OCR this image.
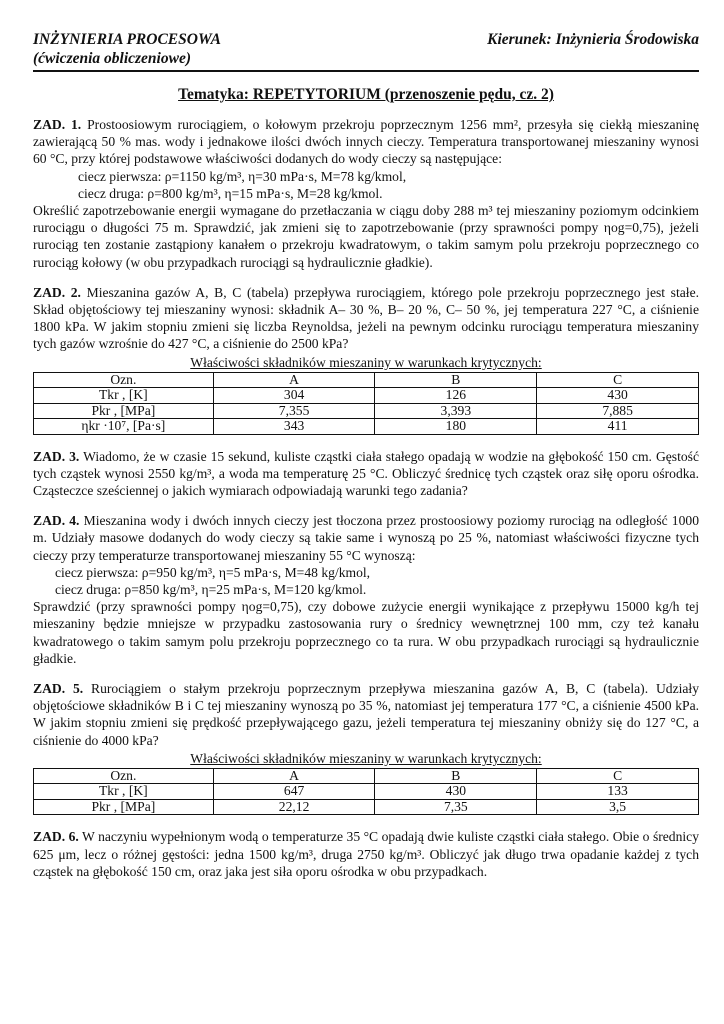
INŻYNIERIA PROCESOWA	Kierunek: Inżynieria Środowiska
(ćwiczenia obliczeniowe)
Tematyka: REPETYTORIUM (przenoszenie pędu, cz. 2)

ZAD. 1. Prostoosiowym rurociągiem, o kołowym przekroju poprzecznym 1256 mm², przesyła się ciekłą mieszaninę zawierającą 50 % mas. wody i jednakowe ilości dwóch innych cieczy. Temperatura transportowanej mieszaniny wynosi 60 °C, przy której podstawowe właściwości dodanych do wody cieczy są następujące:

ciecz pierwsza: ρ=1150 kg/m³, η=30 mPa·s, M=78 kg/kmol,

ciecz druga: ρ=800 kg/m³, η=15 mPa·s, M=28 kg/kmol.

Określić zapotrzebowanie energii wymagane do przetłaczania w ciągu doby 288 m³ tej mieszaniny poziomym odcinkiem rurociągu o długości 75 m. Sprawdzić, jak zmieni się to zapotrzebowanie (przy sprawności pompy ηog=0,75), jeżeli rurociąg ten zostanie zastąpiony kanałem o przekroju kwadratowym, o takim samym polu przekroju poprzecznego co rurociąg kołowy (w obu przypadkach rurociągi są hydraulicznie gładkie).

ZAD. 2. Mieszanina gazów A, B, C (tabela) przepływa rurociągiem, którego pole przekroju poprzecznego jest stałe. Skład objętościowy tej mieszaniny wynosi: składnik A– 30 %, B– 20 %, C– 50 %, jej temperatura 227 °C, a ciśnienie 1800 kPa. W jakim stopniu zmieni się liczba Reynoldsa, jeżeli na pewnym odcinku rurociągu temperatura mieszaniny tych gazów wzrośnie do 427 °C, a ciśnienie do 2500 kPa?

Właściwości składników mieszaniny w warunkach krytycznych:
Ozn.	A	B	C
Tkr , [K]	304	126	430
Pkr , [MPa]	7,355	3,393	7,885
ηkr ·10⁷, [Pa·s]	343	180	411

ZAD. 3. Wiadomo, że w czasie 15 sekund, kuliste cząstki ciała stałego opadają w wodzie na głębokość 150 cm. Gęstość tych cząstek wynosi 2550 kg/m³, a woda ma temperaturę 25 °C. Obliczyć średnicę tych cząstek oraz siłę oporu ośrodka. Cząsteczce sześciennej o jakich wymiarach odpowiadają warunki tego zadania?

ZAD. 4. Mieszanina wody i dwóch innych cieczy jest tłoczona przez prostoosiowy poziomy rurociąg na odległość 1000 m. Udziały masowe dodanych do wody cieczy są takie same i wynoszą po 25 %, natomiast właściwości fizyczne tych cieczy przy temperaturze transportowanej mieszaniny 55 °C wynoszą:

ciecz pierwsza: ρ=950 kg/m³, η=5 mPa·s, M=48 kg/kmol,

ciecz druga: ρ=850 kg/m³, η=25 mPa·s, M=120 kg/kmol.

Sprawdzić (przy sprawności pompy ηog=0,75), czy dobowe zużycie energii wynikające z przepływu 15000 kg/h tej mieszaniny będzie mniejsze w przypadku zastosowania rury o średnicy wewnętrznej 100 mm, czy też kanału kwadratowego o takim samym polu przekroju poprzecznego co ta rura. W obu przypadkach rurociągi są hydraulicznie gładkie.

ZAD. 5. Rurociągiem o stałym przekroju poprzecznym przepływa mieszanina gazów A, B, C (tabela). Udziały objętościowe składników B i C tej mieszaniny wynoszą po 35 %, natomiast jej temperatura 177 °C, a ciśnienie 4500 kPa. W jakim stopniu zmieni się prędkość przepływającego gazu, jeżeli temperatura tej mieszaniny obniży się do 127 °C, a ciśnienie do 4000 kPa?

Właściwości składników mieszaniny w warunkach krytycznych:
Ozn.	A	B	C
Tkr , [K]	647	430	133
Pkr , [MPa]	22,12	7,35	3,5

ZAD. 6. W naczyniu wypełnionym wodą o temperaturze 35 °C opadają dwie kuliste cząstki ciała stałego. Obie o średnicy 625 μm, lecz o różnej gęstości: jedna 1500 kg/m³, druga 2750 kg/m³. Obliczyć jak długo trwa opadanie każdej z tych cząstek na głębokość 150 cm, oraz jaka jest siła oporu ośrodka w obu przypadkach.
